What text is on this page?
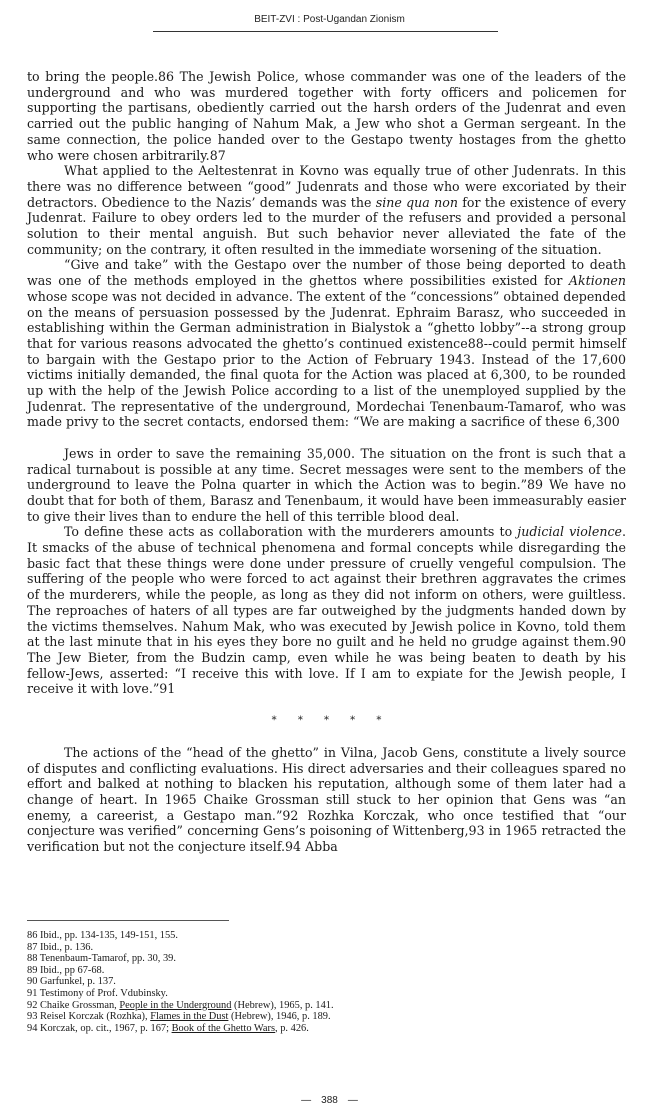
BEIT-ZVI : Post-Ugandan Zionism

to bring the people.86 The Jewish Police, whose commander was one of the leaders of the underground and who was murdered together with forty officers and policemen for supporting the partisans, obediently carried out the harsh orders of the Judenrat and even carried out the public hanging of Nahum Mak, a Jew who shot a German sergeant. In the same connection, the police handed over to the Gestapo twenty hostages from the ghetto who were chosen arbitrarily.87

What applied to the Aeltestenrat in Kovno was equally true of other Judenrats. In this there was no difference between “good” Judenrats and those who were excoriated by their detractors. Obedience to the Nazis’ demands was the sine qua non for the existence of every Judenrat. Failure to obey orders led to the murder of the refusers and provided a personal solution to their mental anguish. But such behavior never alleviated the fate of the community; on the contrary, it often resulted in the immediate worsening of the situation.

“Give and take” with the Gestapo over the number of those being deported to death was one of the methods employed in the ghettos where possibilities existed for Aktionen whose scope was not decided in advance. The extent of the “concessions” obtained depended on the means of persuasion possessed by the Judenrat. Ephraim Barasz, who succeeded in establishing within the German administration in Bialystok a “ghetto lobby”--a strong group that for various reasons advocated the ghetto’s continued existence88--could permit himself to bargain with the Gestapo prior to the Action of February 1943. Instead of the 17,600 victims initially demanded, the final quota for the Action was placed at 6,300, to be rounded up with the help of the Jewish Police according to a list of the unemployed supplied by the Judenrat. The representative of the underground, Mordechai Tenenbaum-Tamarof, who was made privy to the secret contacts, endorsed them: “We are making a sacrifice of these 6,300

Jews in order to save the remaining 35,000. The situation on the front is such that a radical turnabout is possible at any time. Secret messages were sent to the members of the underground to leave the Polna quarter in which the Action was to begin.”89 We have no doubt that for both of them, Barasz and Tenenbaum, it would have been immeasurably easier to give their lives than to endure the hell of this terrible blood deal.

To define these acts as collaboration with the murderers amounts to judicial violence. It smacks of the abuse of technical phenomena and formal concepts while disregarding the basic fact that these things were done under pressure of cruelly vengeful compulsion. The suffering of the people who were forced to act against their brethren aggravates the crimes of the murderers, while the people, as long as they did not inform on others, were guiltless. The reproaches of haters of all types are far outweighed by the judgments handed down by the victims themselves. Nahum Mak, who was executed by Jewish police in Kovno, told them at the last minute that in his eyes they bore no guilt and he held no grudge against them.90 The Jew Bieter, from the Budzin camp, even while he was being beaten to death by his fellow-Jews, asserted: “I receive this with love. If I am to expiate for the Jewish people, I receive it with love.”91

* * * * *

The actions of the “head of the ghetto” in Vilna, Jacob Gens, constitute a lively source of disputes and conflicting evaluations. His direct adversaries and their colleagues spared no effort and balked at nothing to blacken his reputation, although some of them later had a change of heart. In 1965 Chaike Grossman still stuck to her opinion that Gens was “an enemy, a careerist, a Gestapo man.”92 Rozhka Korczak, who once testified that “our conjecture was verified” concerning Gens’s poisoning of Wittenberg,93 in 1965 retracted the verification but not the conjecture itself.94 Abba

86 Ibid., pp. 134-135, 149-151, 155.
87 Ibid., p. 136.
88 Tenenbaum-Tamarof, pp. 30, 39.
89 Ibid., pp 67-68.
90 Garfunkel, p. 137.
91 Testimony of Prof. Vdubinsky.
92 Chaike Grossman, People in the Underground (Hebrew), 1965, p. 141.
93 Reisel Korczak (Rozhka), Flames in the Dust (Hebrew), 1946, p. 189.
94 Korczak, op. cit., 1967, p. 167; Book of the Ghetto Wars, p. 426.
— 388 —
